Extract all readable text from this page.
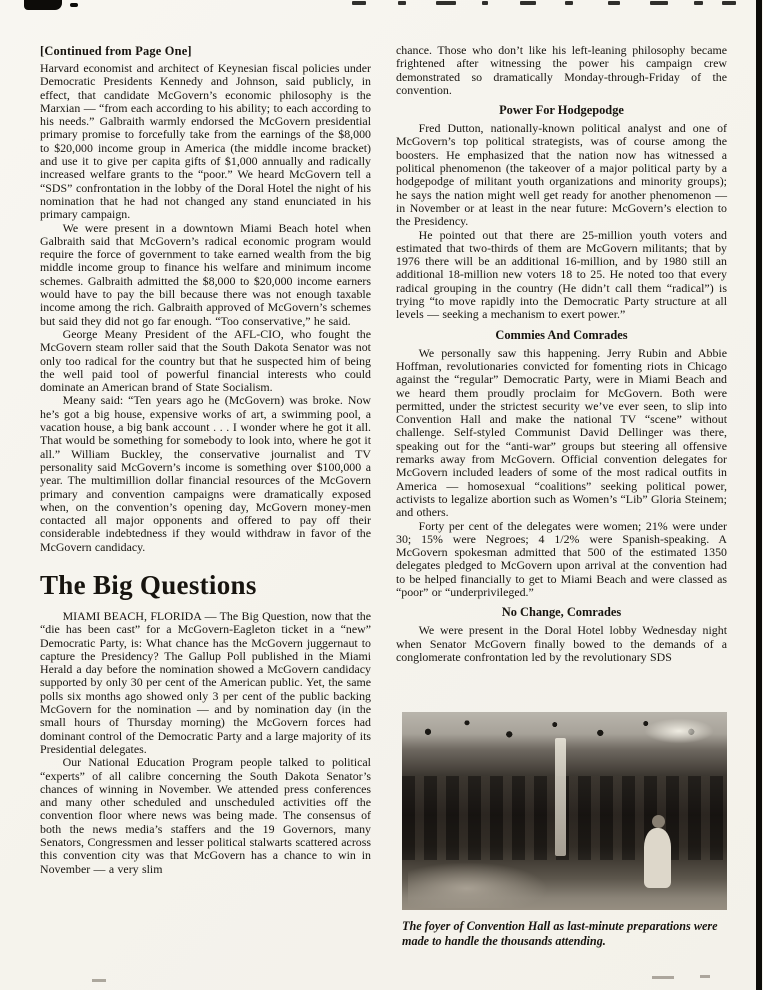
[Continued from Page One]

Harvard economist and architect of Keynesian fiscal policies under Democratic Presidents Kennedy and Johnson, said publicly, in effect, that candidate McGovern’s economic philosophy is the Marxian — “from each according to his ability; to each according to his needs.” Galbraith warmly endorsed the McGovern presidential primary promise to forcefully take from the earnings of the $8,000 to $20,000 income group in America (the middle income bracket) and use it to give per capita gifts of $1,000 annually and radically increased welfare grants to the “poor.” We heard McGovern tell a “SDS” confrontation in the lobby of the Doral Hotel the night of his nomination that he had not changed any stand enunciated in his primary campaign.

We were present in a downtown Miami Beach hotel when Galbraith said that McGovern’s radical economic program would require the force of government to take earned wealth from the big middle income group to finance his welfare and minimum income schemes. Galbraith admitted the $8,000 to $20,000 income earners would have to pay the bill because there was not enough taxable income among the rich. Galbraith approved of McGovern’s schemes but said they did not go far enough. “Too conservative,” he said.

George Meany President of the AFL-CIO, who fought the McGovern steam roller said that the South Dakota Senator was not only too radical for the country but that he suspected him of being the well paid tool of powerful financial interests who could dominate an American brand of State Socialism.

Meany said: “Ten years ago he (McGovern) was broke. Now he’s got a big house, expensive works of art, a swimming pool, a vacation house, a big bank account . . . I wonder where he got it all. That would be something for somebody to look into, where he got it all.” William Buckley, the conservative journalist and TV personality said McGovern’s income is something over $100,000 a year. The multimillion dollar financial resources of the McGovern primary and convention campaigns were dramatically exposed when, on the convention’s opening day, McGovern money-men contacted all major opponents and offered to pay off their considerable indebtedness if they would withdraw in favor of the McGovern candidacy.

The Big Questions

MIAMI BEACH, FLORIDA — The Big Question, now that the “die has been cast” for a McGovern-Eagleton ticket in a “new” Democratic Party, is: What chance has the McGovern juggernaut to capture the Presidency? The Gallup Poll published in the Miami Herald a day before the nomination showed a McGovern candidacy supported by only 30 per cent of the American public. Yet, the same polls six months ago showed only 3 per cent of the public backing McGovern for the nomination — and by nomination day (in the small hours of Thursday morning) the McGovern forces had dominant control of the Democratic Party and a large majority of its Presidential delegates.

Our National Education Program people talked to political “experts” of all calibre concerning the South Dakota Senator’s chances of winning in November. We attended press conferences and many other scheduled and unscheduled activities off the convention floor where news was being made. The consensus of both the news media’s staffers and the 19 Governors, many Senators, Congressmen and lesser political stalwarts scattered across this convention city was that McGovern has a chance to win in November — a very slim

chance. Those who don’t like his left-leaning philosophy became frightened after witnessing the power his campaign crew demonstrated so dramatically Monday-through-Friday of the convention.

Power For Hodgepodge

Fred Dutton, nationally-known political analyst and one of McGovern’s top political strategists, was of course among the boosters. He emphasized that the nation now has witnessed a political phenomenon (the takeover of a major political party by a hodgepodge of militant youth organizations and minority groups); he says the nation might well get ready for another phenomenon — in November or at least in the near future: McGovern’s election to the Presidency.

He pointed out that there are 25-million youth voters and estimated that two-thirds of them are McGovern militants; that by 1976 there will be an additional 16-million, and by 1980 still an additional 18-million new voters 18 to 25. He noted too that every radical grouping in the country (He didn’t call them “radical”) is trying “to move rapidly into the Democratic Party structure at all levels — seeking a mechanism to exert power.”

Commies And Comrades

We personally saw this happening. Jerry Rubin and Abbie Hoffman, revolutionaries convicted for fomenting riots in Chicago against the “regular” Democratic Party, were in Miami Beach and we heard them proudly proclaim for McGovern. Both were permitted, under the strictest security we’ve ever seen, to slip into Convention Hall and make the national TV “scene” without challenge. Self-styled Communist David Dellinger was there, speaking out for the “anti-war” groups but steering all offensive remarks away from McGovern. Official convention delegates for McGovern included leaders of some of the most radical outfits in America — homosexual “coalitions” seeking political power, activists to legalize abortion such as Women’s “Lib” Gloria Steinem; and others.

Forty per cent of the delegates were women; 21% were under 30; 15% were Negroes; 4 1/2% were Spanish-speaking. A McGovern spokesman admitted that 500 of the estimated 1350 delegates pledged to McGovern upon arrival at the convention had to be helped financially to get to Miami Beach and were classed as “poor” or “underprivileged.”

No Change, Comrades

We were present in the Doral Hotel lobby Wednesday night when Senator McGovern finally bowed to the demands of a conglomerate confrontation led by the revolutionary SDS

The foyer of Convention Hall as last-minute preparations were made to handle the thousands attending.
